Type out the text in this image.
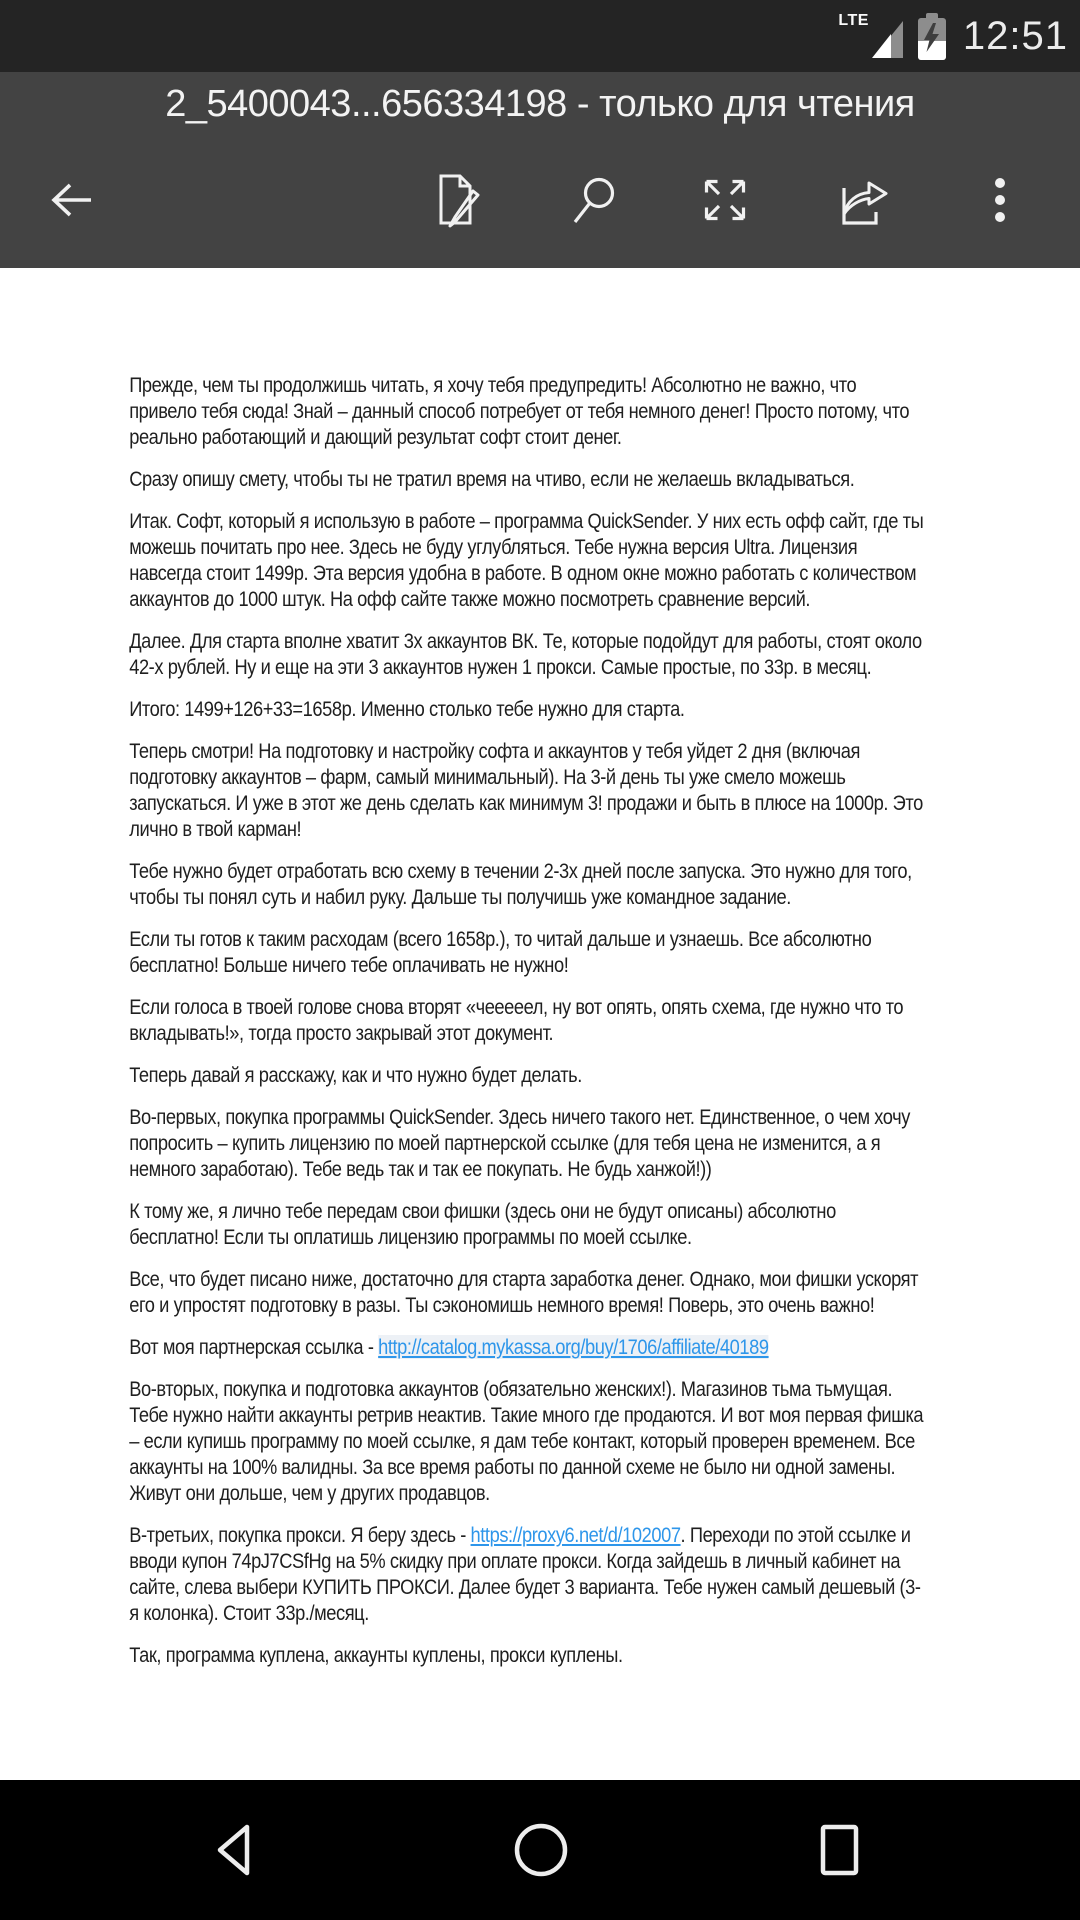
LTE 12:51
2_5400043...656334198 - только для чтения

Прежде, чем ты продолжишь читать, я хочу тебя предупредить! Абсолютно не важно, что привело тебя сюда! Знай – данный способ потребует от тебя немного денег! Просто потому, что реально работающий и дающий результат софт стоит денег.

Сразу опишу смету, чтобы ты не тратил время на чтиво, если не желаешь вкладываться.

Итак. Софт, который я использую в работе – программа QuickSender. У них есть офф сайт, где ты можешь почитать про нее. Здесь не буду углубляться. Тебе нужна версия Ultra. Лицензия навсегда стоит 1499р. Эта версия удобна в работе. В одном окне можно работать с количеством аккаунтов до 1000 штук. На офф сайте также можно посмотреть сравнение версий.

Далее. Для старта вполне хватит 3х аккаунтов ВК. Те, которые подойдут для работы, стоят около 42-х рублей. Ну и еще на эти 3 аккаунтов нужен 1 прокси. Самые простые, по 33р. в месяц.

Итого: 1499+126+33=1658р. Именно столько тебе нужно для старта.

Теперь смотри! На подготовку и настройку софта и аккаунтов у тебя уйдет 2 дня (включая подготовку аккаунтов – фарм, самый минимальный). На 3-й день ты уже смело можешь запускаться. И уже в этот же день сделать как минимум 3! продажи и быть в плюсе на 1000р. Это лично в твой карман!

Тебе нужно будет отработать всю схему в течении 2-3х дней после запуска. Это нужно для того, чтобы ты понял суть и набил руку. Дальше ты получишь уже командное задание.

Если ты готов к таким расходам (всего 1658р.), то читай дальше и узнаешь. Все абсолютно бесплатно! Больше ничего тебе оплачивать не нужно!

Если голоса в твоей голове снова вторят «чееееел, ну вот опять, опять схема, где нужно что то вкладывать!», тогда просто закрывай этот документ.

Теперь давай я расскажу, как и что нужно будет делать.

Во-первых, покупка программы QuickSender. Здесь ничего такого нет. Единственное, о чем хочу попросить – купить лицензию по моей партнерской ссылке (для тебя цена не изменится, а я немного заработаю). Тебе ведь так и так ее покупать. Не будь ханжой!))

К тому же, я лично тебе передам свои фишки (здесь они не будут описаны) абсолютно бесплатно! Если ты оплатишь лицензию программы по моей ссылке.

Все, что будет писано ниже, достаточно для старта заработка денег. Однако, мои фишки ускорят его и упростят подготовку в разы. Ты сэкономишь немного время! Поверь, это очень важно!

Вот моя партнерская ссылка - http://catalog.mykassa.org/buy/1706/affiliate/40189

Во-вторых, покупка и подготовка аккаунтов (обязательно женских!). Магазинов тьма тьмущая. Тебе нужно найти аккаунты ретрив неактив. Такие много где продаются. И вот моя первая фишка – если купишь программу по моей ссылке, я дам тебе контакт, который проверен временем. Все аккаунты на 100% валидны. За все время работы по данной схеме не было ни одной замены. Живут они дольше, чем у других продавцов.

В-третьих, покупка прокси. Я беру здесь - https://proxy6.net/d/102007. Переходи по этой ссылке и вводи купон 74pJ7CSfHg на 5% скидку при оплате прокси. Когда зайдешь в личный кабинет на сайте, слева выбери КУПИТЬ ПРОКСИ. Далее будет 3 варианта. Тебе нужен самый дешевый (3-я колонка). Стоит 33р./месяц.

Так, программа куплена, аккаунты куплены, прокси куплены.
